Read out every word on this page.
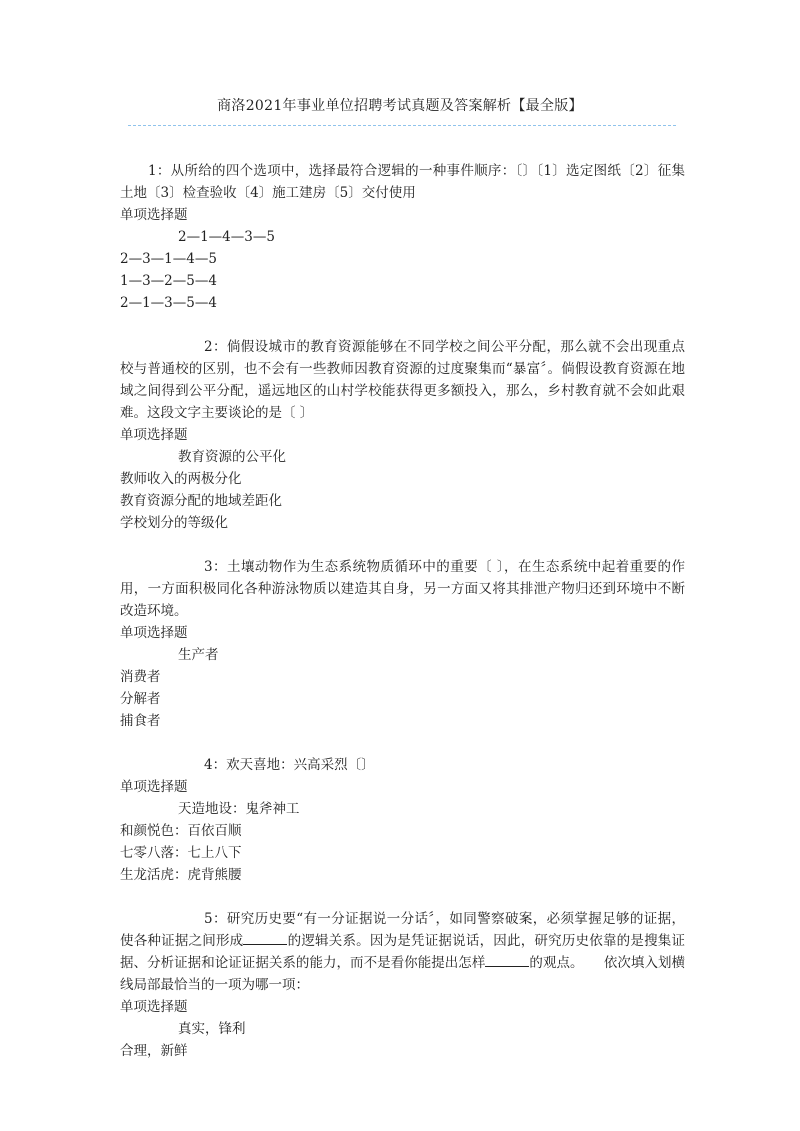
商洛2021年事业单位招聘考试真题及答案解析【最全版】

1：从所给的四个选项中，选择最符合逻辑的一种事件顺序：〔〕〔1〕选定图纸〔2〕征集土地〔3〕检查验收〔4〕施工建房〔5〕交付使用

单项选择题

2—1—4—3—5

2—3—1—4—5

1—3—2—5—4

2—1—3—5—4

2：倘假设城市的教育资源能够在不同学校之间公平分配，那么就不会出现重点校与普通校的区别，也不会有一些教师因教育资源的过度聚集而“暴富〞。倘假设教育资源在地域之间得到公平分配，遥远地区的山村学校能获得更多额投入，那么，乡村教育就不会如此艰难。这段文字主要谈论的是〔 〕

单项选择题

教育资源的公平化

教师收入的两极分化

教育资源分配的地域差距化

学校划分的等级化

3：土壤动物作为生态系统物质循环中的重要〔 〕，在生态系统中起着重要的作用，一方面积极同化各种游泳物质以建造其自身，另一方面又将其排泄产物归还到环境中不断改造环境。

单项选择题

生产者

消费者

分解者

捕食者

4：欢天喜地：兴高采烈〔〕

单项选择题

天造地设：鬼斧神工

和颜悦色：百依百顺

七零八落：七上八下

生龙活虎：虎背熊腰

5：研究历史要“有一分证据说一分话〞，如同警察破案，必须掌握足够的证据，使各种证据之间形成	的逻辑关系。因为是凭证据说话，因此，研究历史依靠的是搜集证据、分析证据和论证证据关系的能力，而不是看你能提出怎样	的观点。　　依次填入划横线局部最恰当的一项为哪一项：

单项选择题

真实，锋利

合理，新鲜
